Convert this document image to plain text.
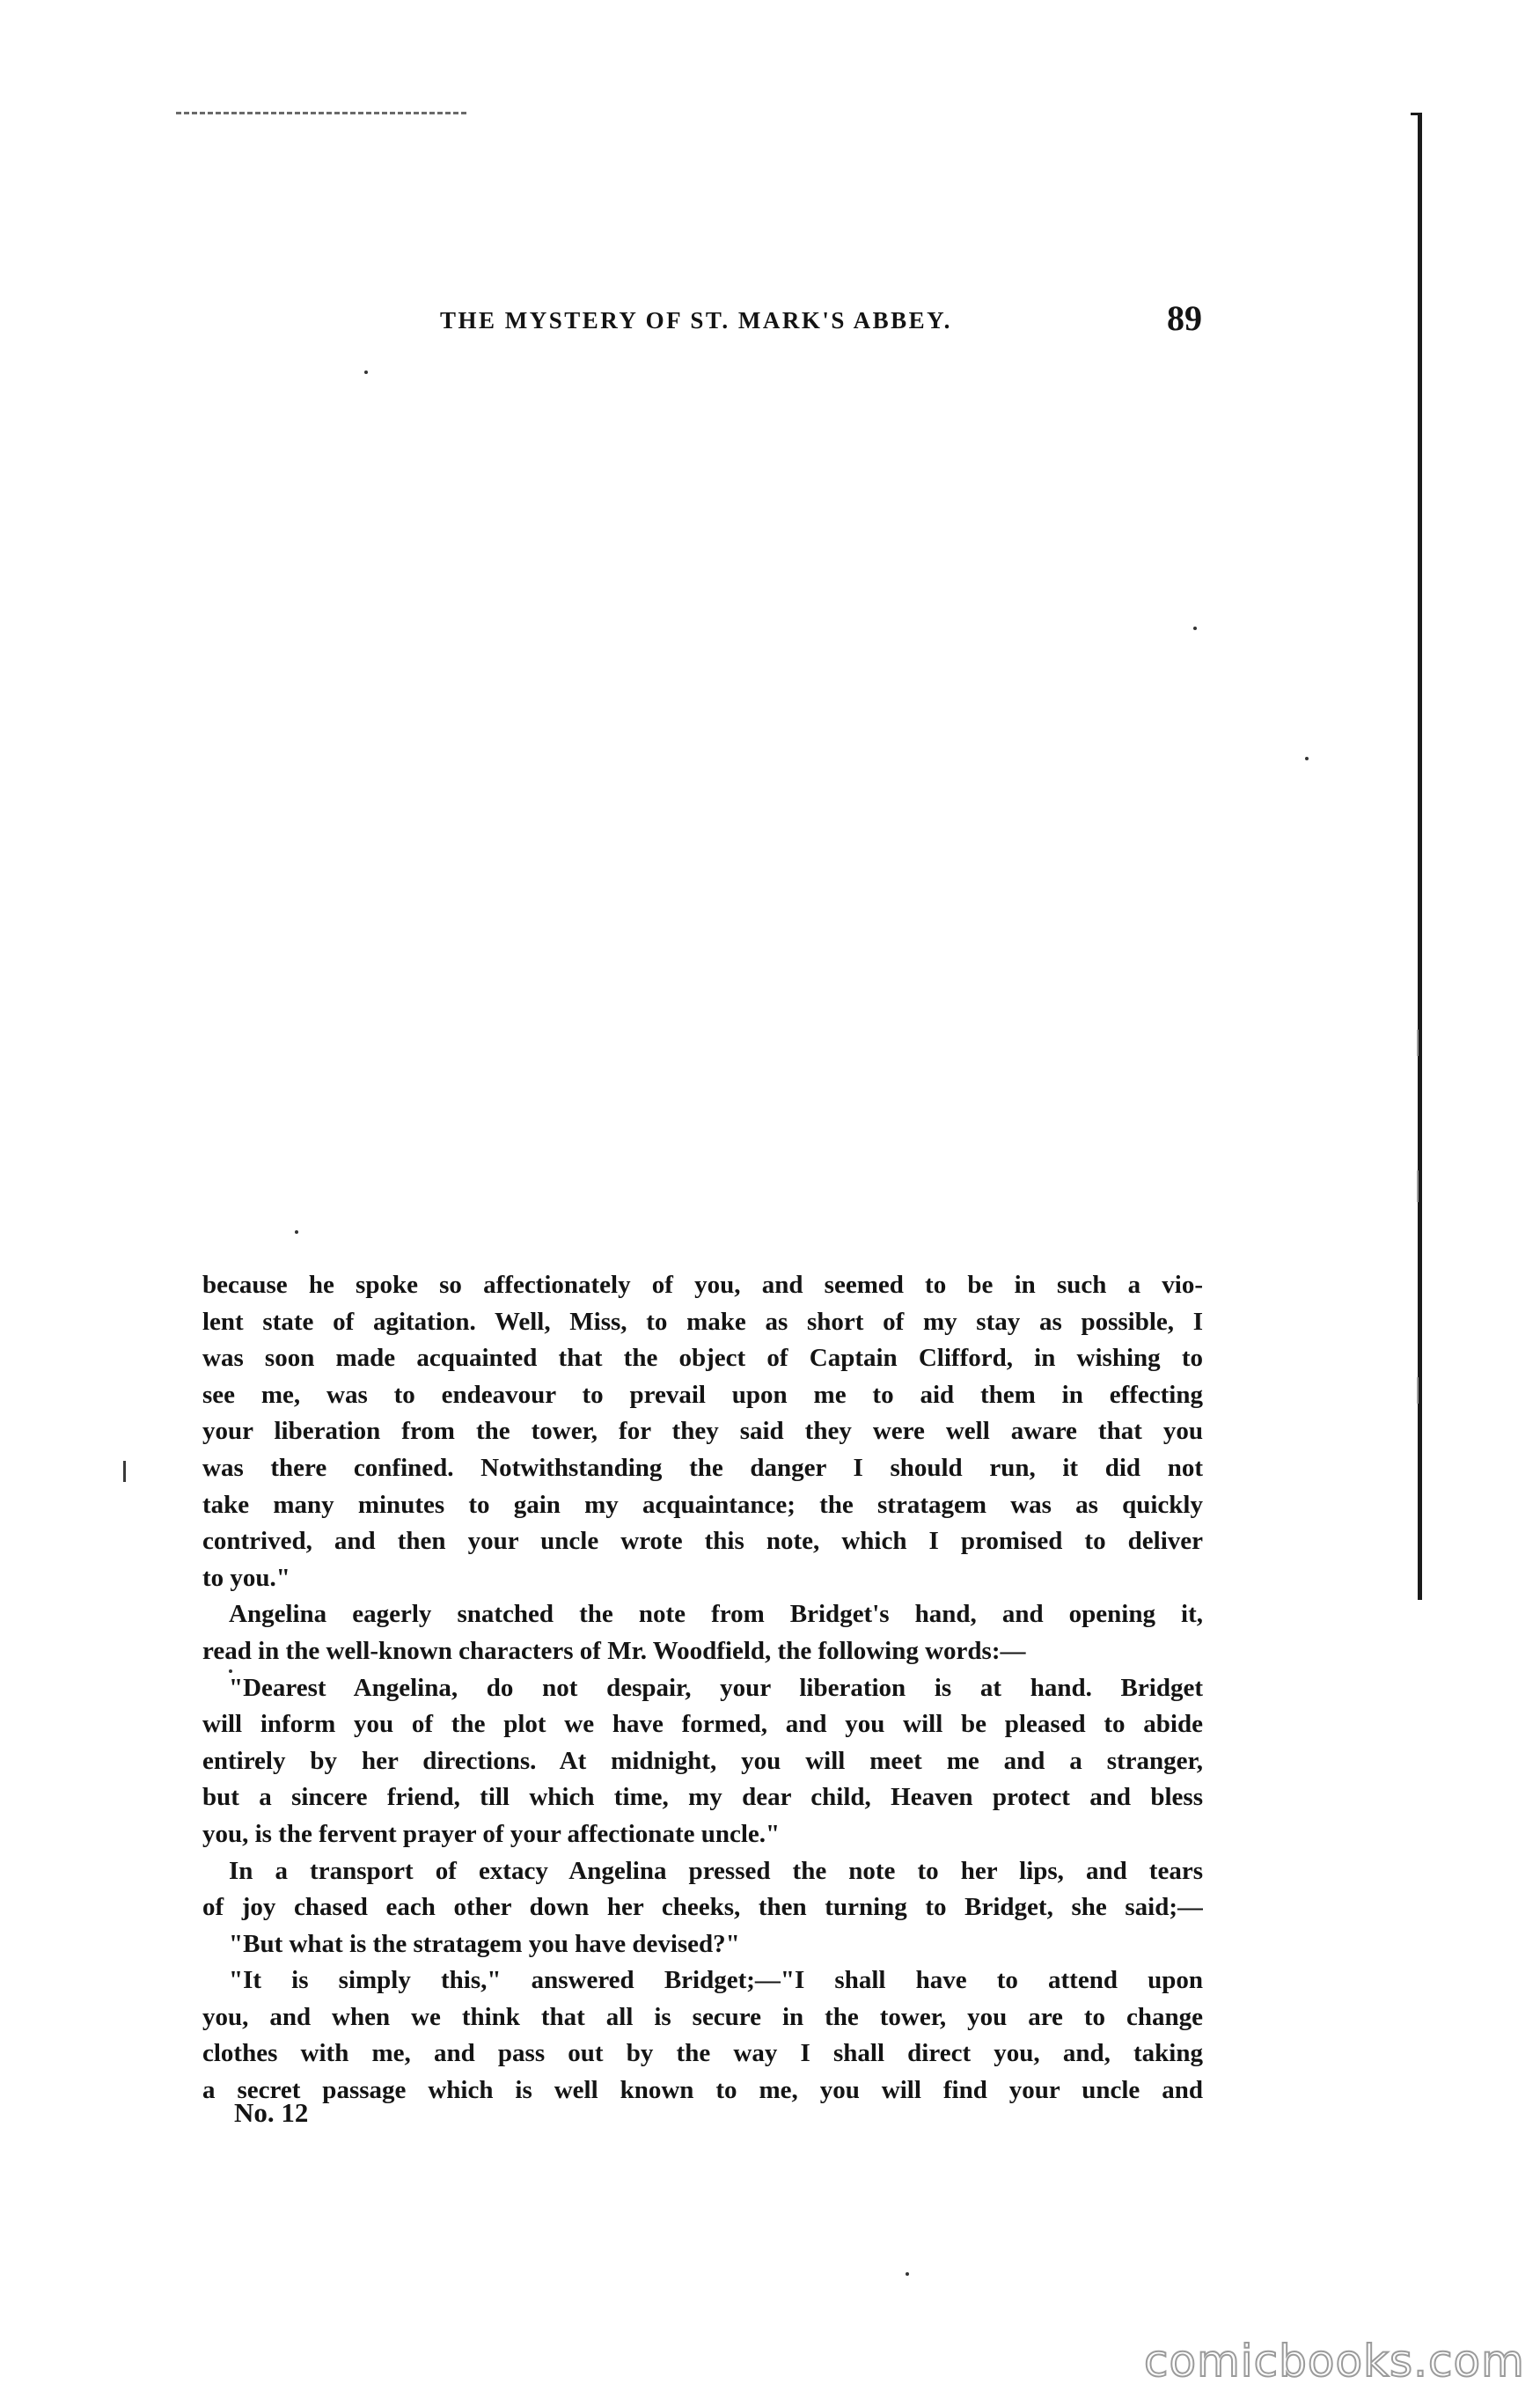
THE MYSTERY OF ST. MARK'S ABBEY.	89
because he spoke so affectionately of you, and seemed to be in such a vio-
lent state of agitation. Well, Miss, to make as short of my stay as possible, I
was soon made acquainted that the object of Captain Clifford, in wishing to
see me, was to endeavour to prevail upon me to aid them in effecting
your liberation from the tower, for they said they were well aware that you
was there confined. Notwithstanding the danger I should run, it did not
take many minutes to gain my acquaintance; the stratagem was as quickly
contrived, and then your uncle wrote this note, which I promised to deliver
to you."
Angelina eagerly snatched the note from Bridget's hand, and opening it,
read in the well-known characters of Mr. Woodfield, the following words:—
"Dearest Angelina, do not despair, your liberation is at hand. Bridget
will inform you of the plot we have formed, and you will be pleased to abide
entirely by her directions. At midnight, you will meet me and a stranger,
but a sincere friend, till which time, my dear child, Heaven protect and bless
you, is the fervent prayer of your affectionate uncle."
In a transport of extacy Angelina pressed the note to her lips, and tears
of joy chased each other down her cheeks, then turning to Bridget, she said;—
"But what is the stratagem you have devised?"
"It is simply this," answered Bridget;—"I shall have to attend upon
you, and when we think that all is secure in the tower, you are to change
clothes with me, and pass out by the way I shall direct you, and, taking
a secret passage which is well known to me, you will find your uncle and
No. 12
comicbooks.com
